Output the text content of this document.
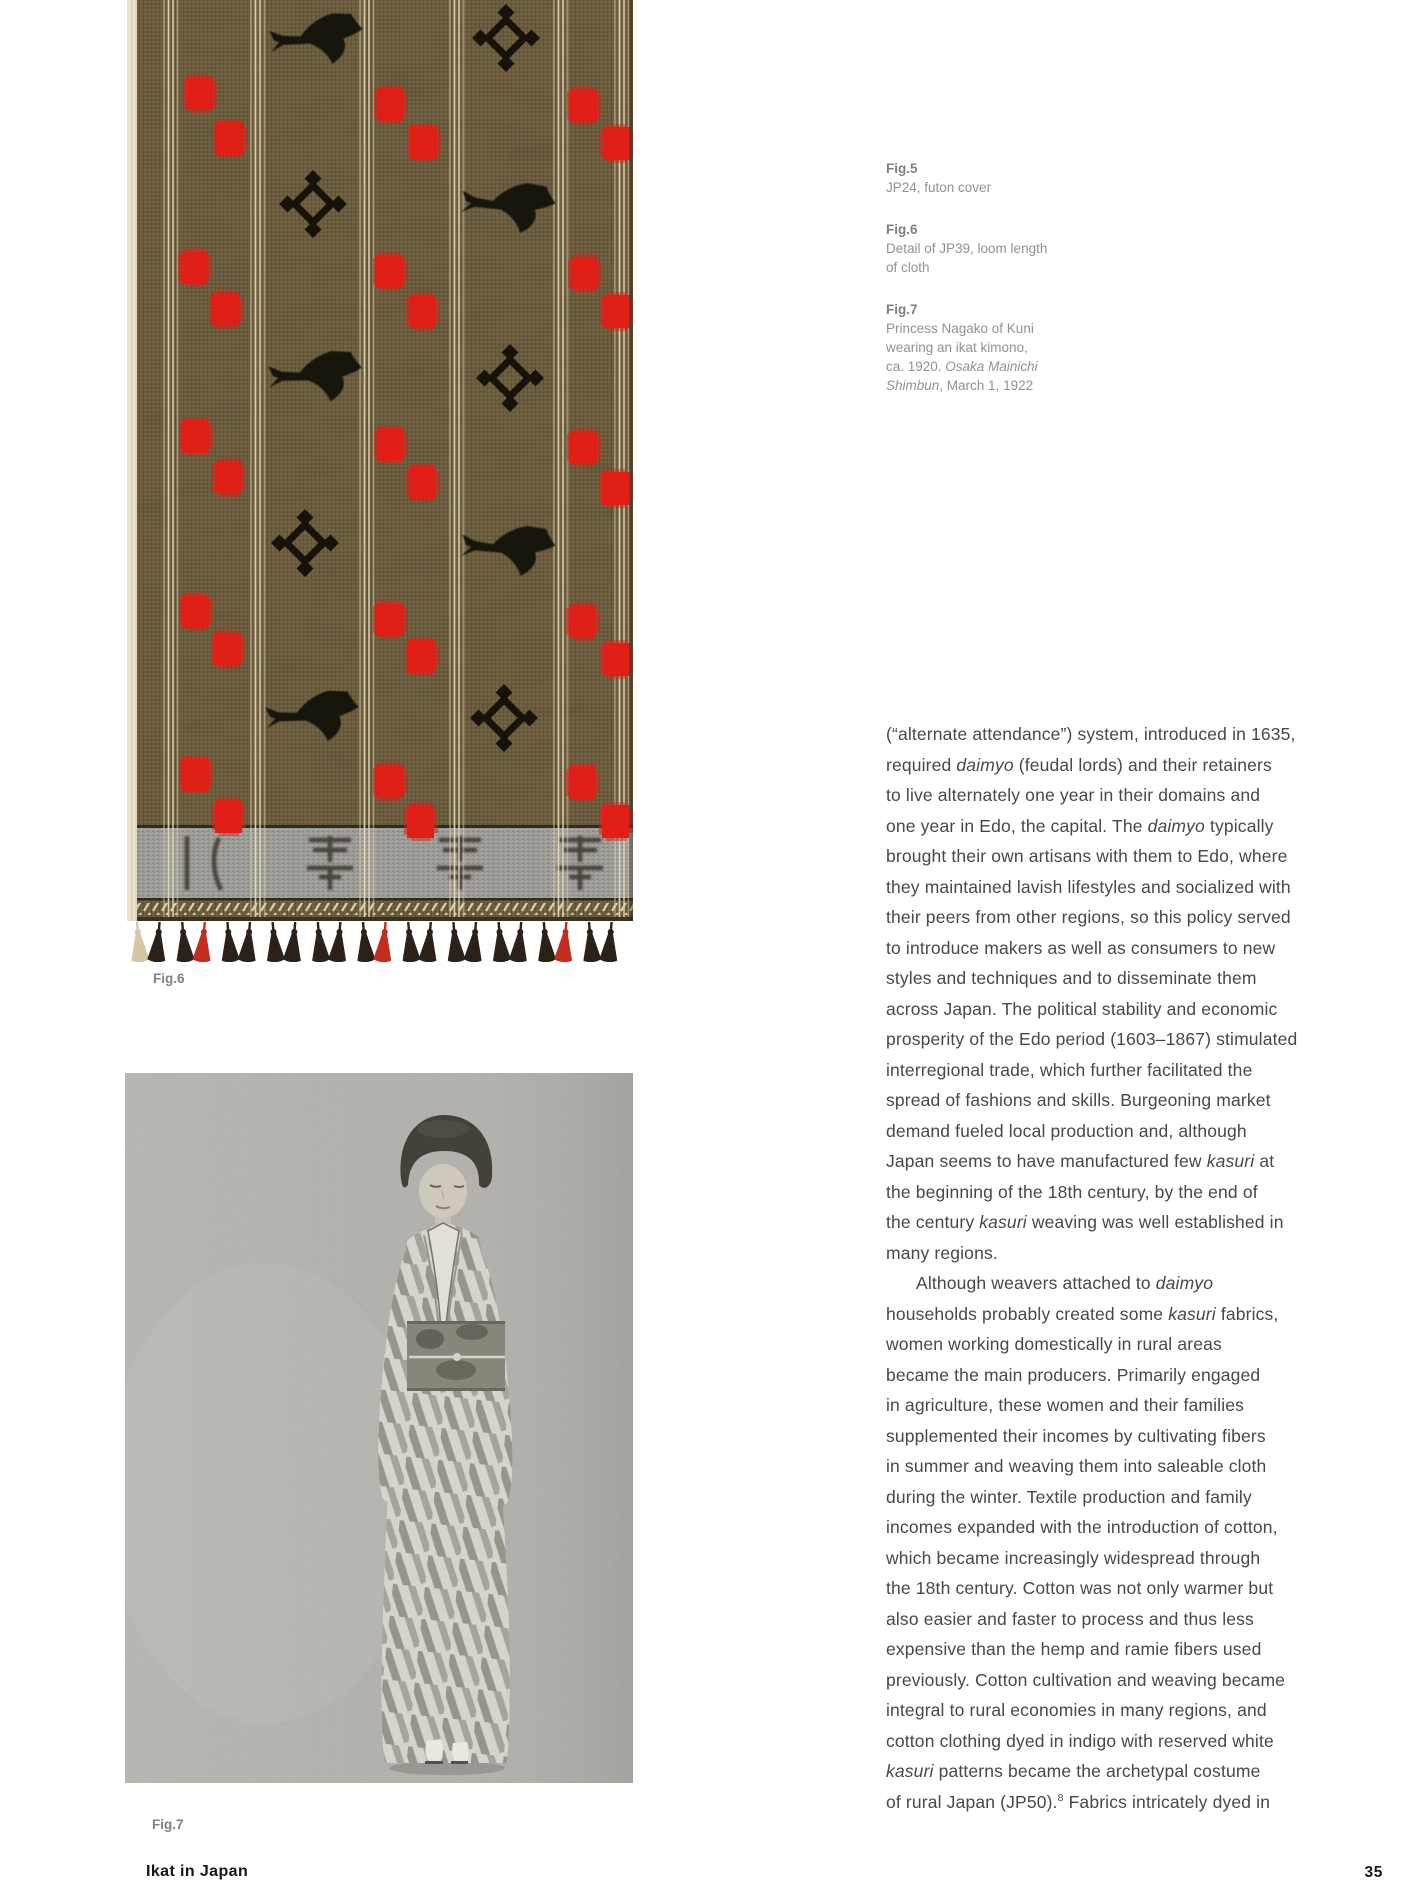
Fig.5
JP24, futon cover
Fig.6
Detail of JP39, loom length
of cloth
Fig.7
Princess Nagako of Kuni
wearing an ikat kimono,
ca. 1920. Osaka Mainichi
Shimbun, March 1, 1922
Fig.6
Fig.7
(“alternate attendance”) system, introduced in 1635,
required daimyo (feudal lords) and their retainers
to live alternately one year in their domains and
one year in Edo, the capital. The daimyo typically
brought their own artisans with them to Edo, where
they maintained lavish lifestyles and socialized with
their peers from other regions, so this policy served
to introduce makers as well as consumers to new
styles and techniques and to disseminate them
across Japan. The political stability and economic
prosperity of the Edo period (1603–1867) stimulated
interregional trade, which further facilitated the
spread of fashions and skills. Burgeoning market
demand fueled local production and, although
Japan seems to have manufactured few kasuri at
the beginning of the 18th century, by the end of
the century kasuri weaving was well established in
many regions.
Although weavers attached to daimyo
households probably created some kasuri fabrics,
women working domestically in rural areas
became the main producers. Primarily engaged
in agriculture, these women and their families
supplemented their incomes by cultivating fibers
in summer and weaving them into saleable cloth
during the winter. Textile production and family
incomes expanded with the introduction of cotton,
which became increasingly widespread through
the 18th century. Cotton was not only warmer but
also easier and faster to process and thus less
expensive than the hemp and ramie fibers used
previously. Cotton cultivation and weaving became
integral to rural economies in many regions, and
cotton clothing dyed in indigo with reserved white
kasuri patterns became the archetypal costume
of rural Japan (JP50).$^8$ Fabrics intricately dyed in
Ikat in Japan	35
